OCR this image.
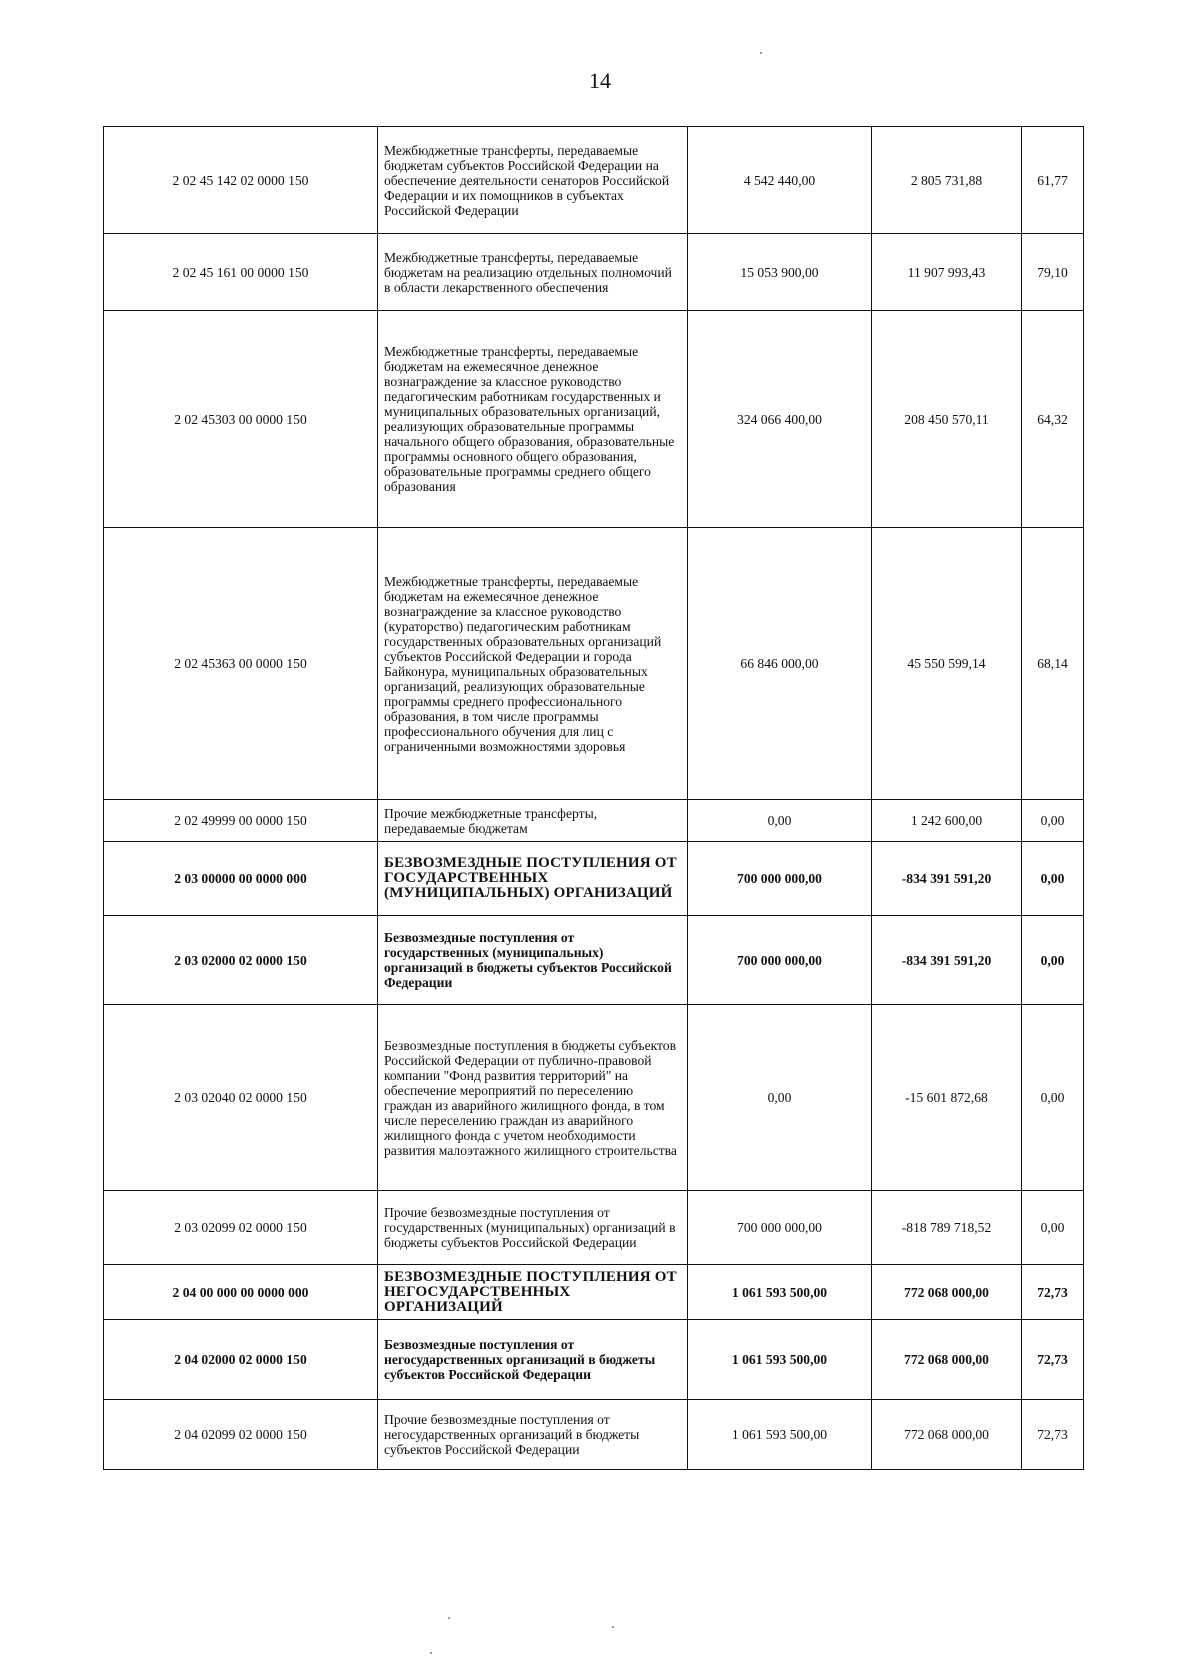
14
2 02 45 142 02 0000 150	Межбюджетные трансферты, передаваемые бюджетам субъектов Российской Федерации на обеспечение деятельности сенаторов Российской Федерации и их помощников в субъектах Российской Федерации	4 542 440,00	2 805 731,88	61,77
2 02 45 161 00 0000 150	Межбюджетные трансферты, передаваемые бюджетам на реализацию отдельных полномочий в области лекарственного обеспечения	15 053 900,00	11 907 993,43	79,10
2 02 45303 00 0000 150	Межбюджетные трансферты, передаваемые бюджетам на ежемесячное денежное вознаграждение за классное руководство педагогическим работникам государственных и муниципальных образовательных организаций, реализующих образовательные программы начального общего образования, образовательные программы основного общего образования, образовательные программы среднего общего образования	324 066 400,00	208 450 570,11	64,32
2 02 45363 00 0000 150	Межбюджетные трансферты, передаваемые бюджетам на ежемесячное денежное вознаграждение за классное руководство (кураторство) педагогическим работникам государственных образовательных организаций субъектов Российской Федерации и города Байконура, муниципальных образовательных организаций, реализующих образовательные программы среднего профессионального образования, в том числе программы профессионального обучения для лиц с ограниченными возможностями здоровья	66 846 000,00	45 550 599,14	68,14
2 02 49999 00 0000 150	Прочие межбюджетные трансферты, передаваемые бюджетам	0,00	1 242 600,00	0,00
2 03 00000 00 0000 000	БЕЗВОЗМЕЗДНЫЕ ПОСТУПЛЕНИЯ ОТ ГОСУДАРСТВЕННЫХ (МУНИЦИПАЛЬНЫХ) ОРГАНИЗАЦИЙ	700 000 000,00	-834 391 591,20	0,00
2 03 02000 02 0000 150	Безвозмездные поступления от государственных (муниципальных) организаций в бюджеты субъектов Российской Федерации	700 000 000,00	-834 391 591,20	0,00
2 03 02040 02 0000 150	Безвозмездные поступления в бюджеты субъектов Российской Федерации от публично-правовой компании "Фонд развития территорий" на обеспечение мероприятий по переселению граждан из аварийного жилищного фонда, в том числе переселению граждан из аварийного жилищного фонда с учетом необходимости развития малоэтажного жилищного строительства	0,00	-15 601 872,68	0,00
2 03 02099 02 0000 150	Прочие безвозмездные поступления от государственных (муниципальных) организаций в бюджеты субъектов Российской Федерации	700 000 000,00	-818 789 718,52	0,00
2 04 00 000 00 0000 000	БЕЗВОЗМЕЗДНЫЕ ПОСТУПЛЕНИЯ ОТ НЕГОСУДАРСТВЕННЫХ ОРГАНИЗАЦИЙ	1 061 593 500,00	772 068 000,00	72,73
2 04 02000 02 0000 150	Безвозмездные поступления от негосударственных организаций в бюджеты субъектов Российской Федерации	1 061 593 500,00	772 068 000,00	72,73
2 04 02099 02 0000 150	Прочие безвозмездные поступления от негосударственных организаций в бюджеты субъектов Российской Федерации	1 061 593 500,00	772 068 000,00	72,73
